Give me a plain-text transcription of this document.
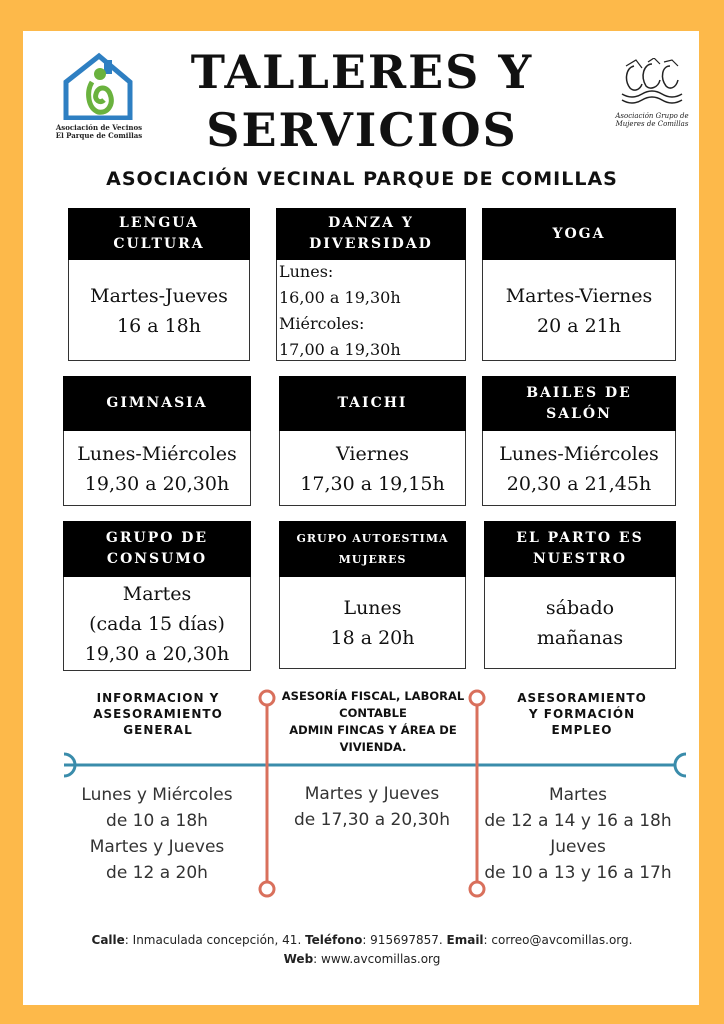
Asociación de Vecinos
El Parque de Comillas
Asociación Grupo de
Mujeres de Comillas
TALLERES Y
SERVICIOS
ASOCIACIÓN VECINAL PARQUE DE COMILLAS
LENGUA
CULTURA
Martes-Jueves
16 a 18h
DANZA Y
DIVERSIDAD
Lunes:
16,00 a 19,30h
Miércoles:
17,00 a 19,30h
YOGA
Martes-Viernes
20 a 21h
GIMNASIA
Lunes-Miércoles
19,30 a 20,30h
TAICHI
Viernes
17,30 a 19,15h
BAILES DE
SALÓN
Lunes-Miércoles
20,30 a 21,45h
GRUPO DE
CONSUMO
Martes
(cada 15 días)
19,30 a 20,30h
GRUPO AUTOESTIMA
MUJERES
Lunes
18 a 20h
EL PARTO ES
NUESTRO
sábado
mañanas
INFORMACION Y
ASESORAMIENTO
GENERAL
Lunes y Miércoles
de 10 a 18h
Martes y Jueves
de 12 a 20h
ASESORÍA FISCAL, LABORAL
CONTABLE
ADMIN FINCAS Y ÁREA DE
VIVIENDA.
Martes y Jueves
de 17,30 a 20,30h
ASESORAMIENTO
Y FORMACIÓN
EMPLEO
Martes
de 12 a 14 y 16 a 18h
Jueves
de 10 a 13 y 16 a 17h
Calle: Inmaculada concepción, 41. Teléfono: 915697857. Email: correo@avcomillas.org.
Web: www.avcomillas.org
